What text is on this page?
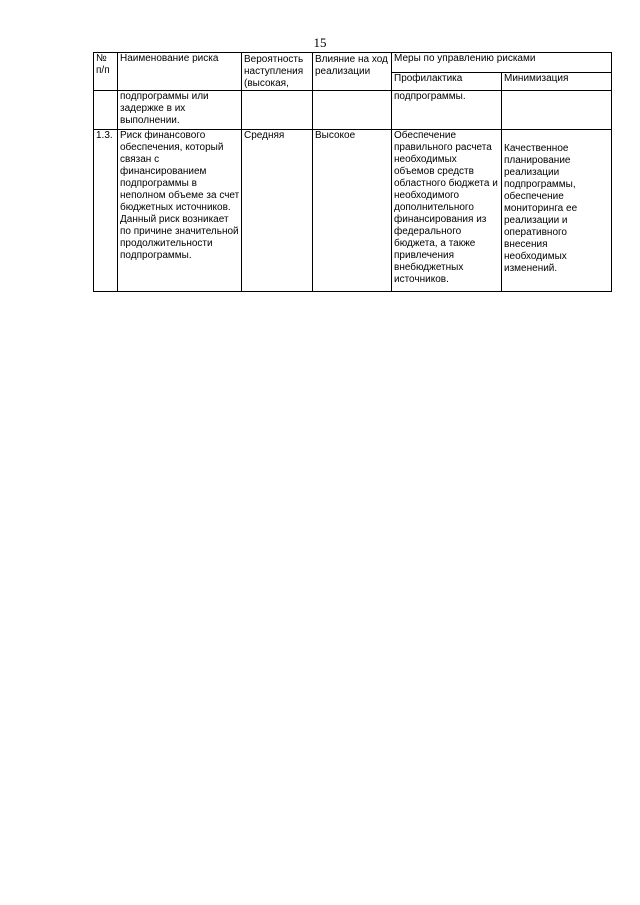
15
№ п/п	Наименование риска	Вероятность наступления (высокая,	Влияние на ход реализации	Меры по управлению рисками	
				Профилактика	Минимизация
	подпрограммы или задержке в их выполнении.			подпрограммы.	
1.3.	Риск финансового обеспечения, который связан с финансированием подпрограммы в неполном объеме за счет бюджетных источников. Данный риск возникает по причине значительной продолжительности подпрограммы.	Средняя	Высокое	Обеспечение правильного расчета необходимых объемов средств областного бюджета и необходимого дополнительного финансирования из федерального бюджета, а также привлечения внебюджетных источников.	Качественное планирование реализации подпрограммы, обеспечение мониторинга ее реализации и оперативного внесения необходимых изменений.
